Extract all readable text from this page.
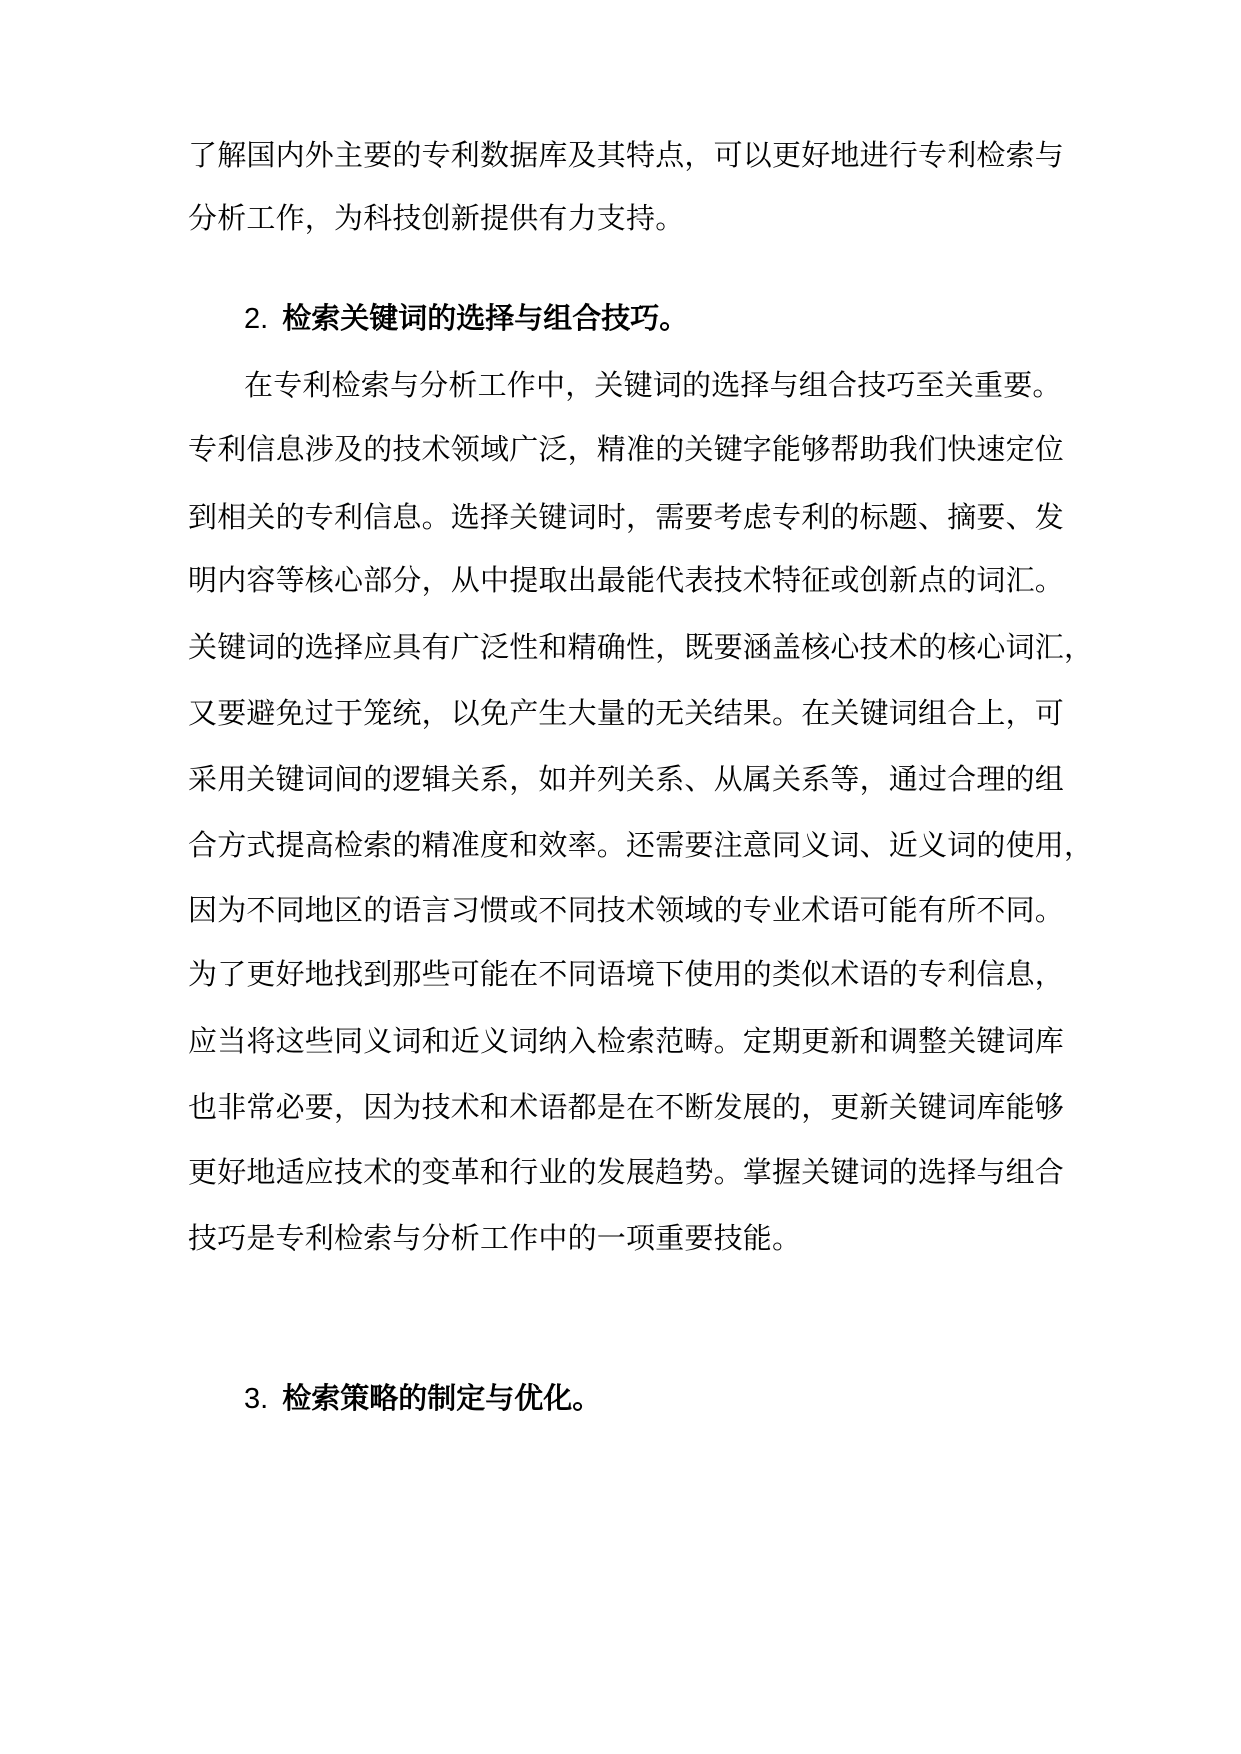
了解国内外主要的专利数据库及其特点，可以更好地进行专利检索与
分析工作，为科技创新提供有力支持。
2. 检索关键词的选择与组合技巧。
在专利检索与分析工作中，关键词的选择与组合技巧至关重要。
专利信息涉及的技术领域广泛，精准的关键字能够帮助我们快速定位
到相关的专利信息。选择关键词时，需要考虑专利的标题、摘要、发
明内容等核心部分，从中提取出最能代表技术特征或创新点的词汇。
关键词的选择应具有广泛性和精确性，既要涵盖核心技术的核心词汇，
又要避免过于笼统，以免产生大量的无关结果。在关键词组合上，可
采用关键词间的逻辑关系，如并列关系、从属关系等，通过合理的组
合方式提高检索的精准度和效率。还需要注意同义词、近义词的使用，
因为不同地区的语言习惯或不同技术领域的专业术语可能有所不同。
为了更好地找到那些可能在不同语境下使用的类似术语的专利信息，
应当将这些同义词和近义词纳入检索范畴。定期更新和调整关键词库
也非常必要，因为技术和术语都是在不断发展的，更新关键词库能够
更好地适应技术的变革和行业的发展趋势。掌握关键词的选择与组合
技巧是专利检索与分析工作中的一项重要技能。
3. 检索策略的制定与优化。
